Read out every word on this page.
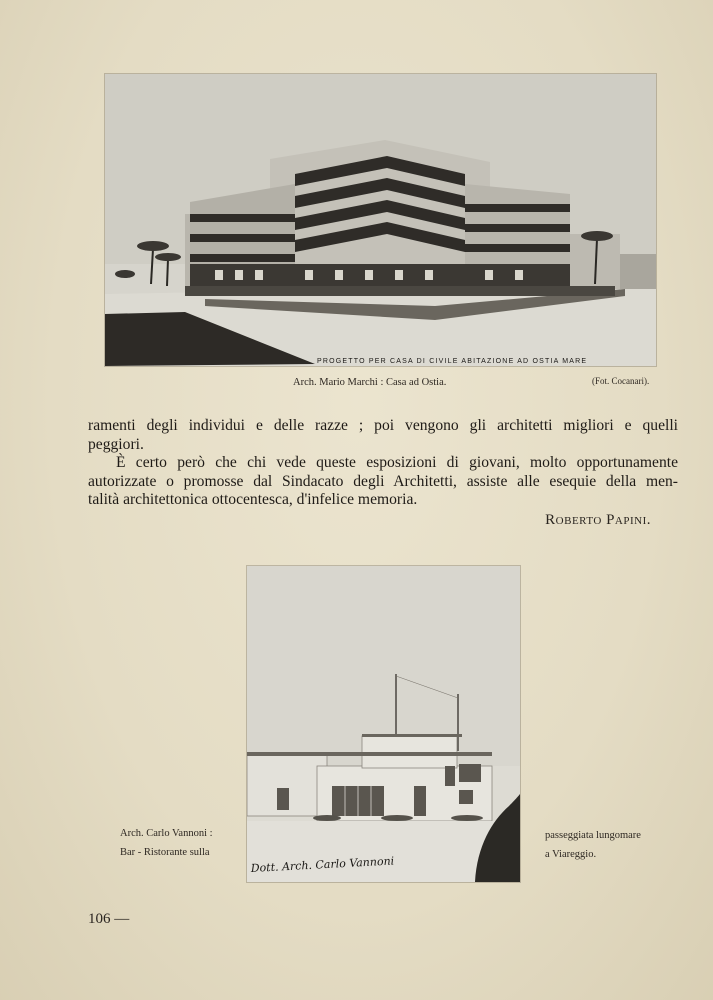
PROGETTO PER CASA DI CIVILE ABITAZIONE AD OSTIA MARE
Arch. Mario Marchi : Casa ad Ostia.	(Fot. Cocanari).

ramenti degli individui e delle razze ; poi vengono gli architetti migliori e quelli

peggiori.

È certo però che chi vede queste esposizioni di giovani, molto opportunamente

autorizzate o promosse dal Sindacato degli Architetti, assiste alle esequie della men-

talità architettonica ottocentesca, d'infelice memoria.

Roberto Papini.
Dott. Arch. Carlo Vannoni
Arch. Carlo Vannoni :
Bar - Ristorante sulla
passeggiata lungomare
a Viareggio.
106 —
